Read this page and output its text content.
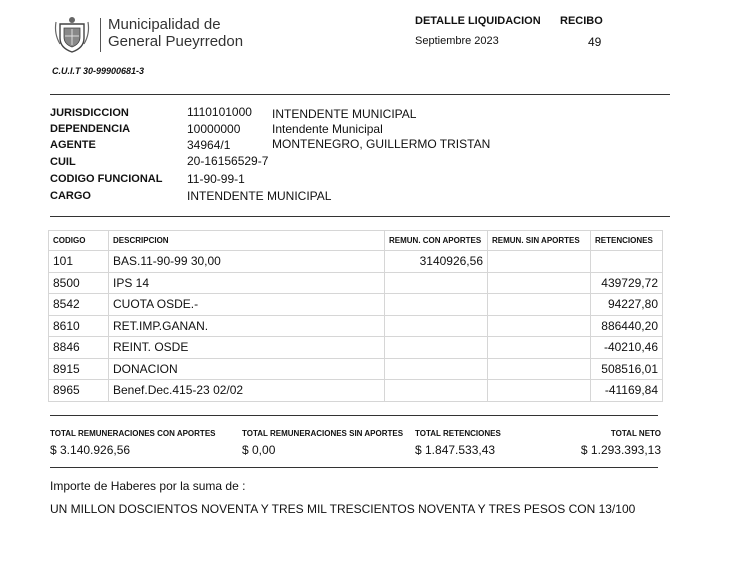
Municipalidad de
General Pueyrredon
DETALLE LIQUIDACION
Septiembre 2023
RECIBO
49
C.U.I.T 30-99900681-3
JURISDICCION	1110101000 INTENDENTE MUNICIPAL
DEPENDENCIA	10000000	Intendente Municipal
AGENTE	34964/1	MONTENEGRO, GUILLERMO TRISTAN
CUIL	20-16156529-7
CODIGO FUNCIONAL 11-90-99-1
CARGO	INTENDENTE MUNICIPAL
CODIGO	DESCRIPCION	REMUN. CON APORTES	REMUN. SIN APORTES	RETENCIONES
101	BAS.11-90-99 30,00	3140926,56		
8500	IPS 14			439729,72
8542	CUOTA OSDE.-			94227,80
8610	RET.IMP.GANAN.			886440,20
8846	REINT. OSDE			-40210,46
8915	DONACION			508516,01
8965	Benef.Dec.415-23 02/02			-41169,84
TOTAL REMUNERACIONES CON APORTES
$ 3.140.926,56
TOTAL REMUNERACIONES SIN APORTES
$ 0,00
TOTAL RETENCIONES
$ 1.847.533,43
TOTAL NETO
$ 1.293.393,13
Importe de Haberes por la suma de :
UN MILLON DOSCIENTOS NOVENTA Y TRES MIL TRESCIENTOS NOVENTA Y TRES PESOS CON 13/100
